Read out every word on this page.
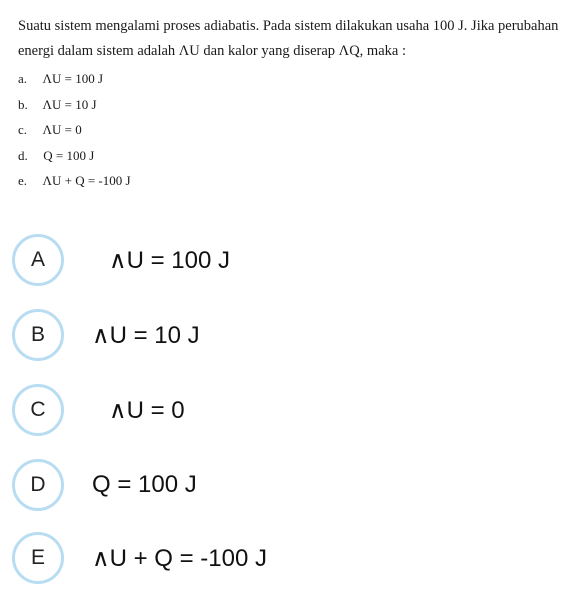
Suatu sistem mengalami proses adiabatis. Pada sistem dilakukan usaha 100 J. Jika perubahan
energi dalam sistem adalah ΛU dan kalor yang diserap ΛQ, maka :
a. ΛU = 100 J
b. ΛU = 10 J
c. ΛU = 0
d. Q = 100 J
e. ΛU + Q = -100 J
A	∧U = 100 J
B	∧U = 10 J
C	∧U = 0
D	Q = 100 J
E	∧U + Q = -100 J
